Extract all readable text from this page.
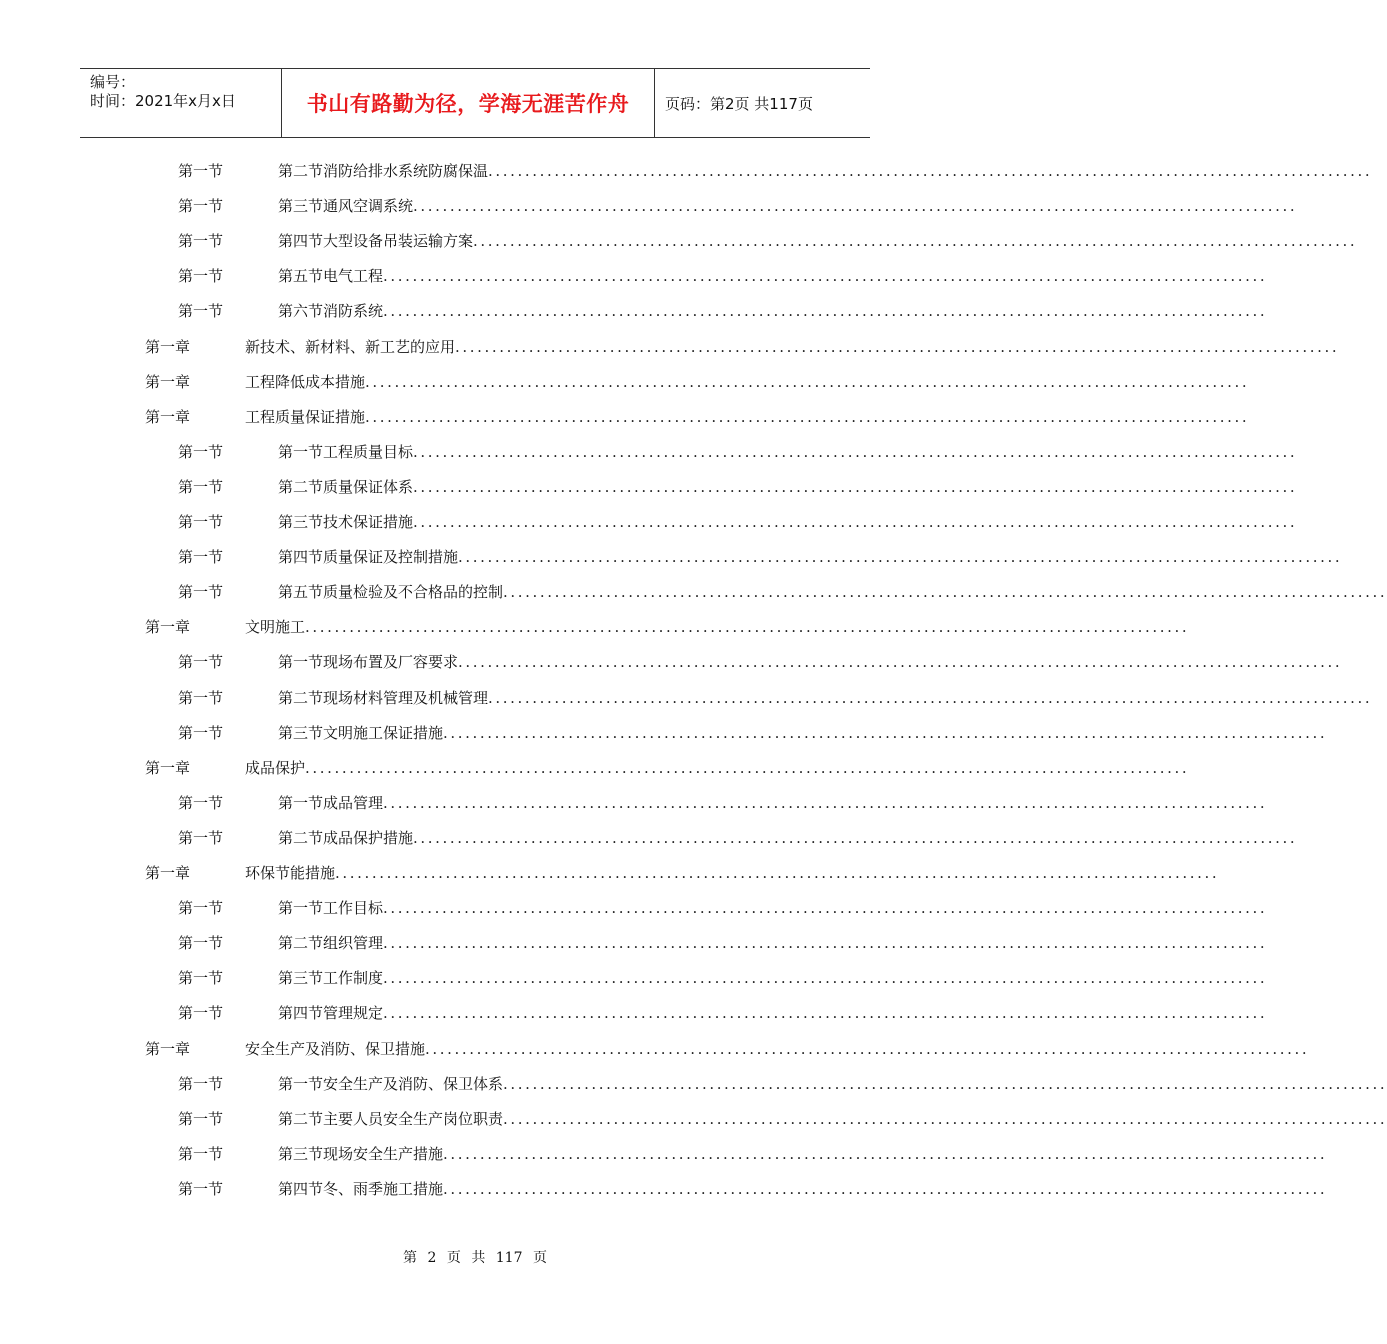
编号：
时间：2021年x月x日	书山有路勤为径，学海无涯苦作舟 页码：第2页 共117页
第一节	第二节消防给排水系统防腐保温 ........................................................................................................................
第一节	第三节通风空调系统 ........................................................................................................................
第一节	第四节大型设备吊装运输方案 ........................................................................................................................
第一节	第五节电气工程 ........................................................................................................................
第一节	第六节消防系统 ........................................................................................................................
第一章	新技术、新材料、新工艺的应用 ........................................................................................................................
第一章	工程降低成本措施 ........................................................................................................................
第一章	工程质量保证措施 ........................................................................................................................
第一节	第一节工程质量目标 ........................................................................................................................
第一节	第二节质量保证体系 ........................................................................................................................
第一节	第三节技术保证措施 ........................................................................................................................
第一节	第四节质量保证及控制措施 ........................................................................................................................
第一节	第五节质量检验及不合格品的控制 ........................................................................................................................
第一章	文明施工 ........................................................................................................................
第一节	第一节现场布置及厂容要求 ........................................................................................................................
第一节	第二节现场材料管理及机械管理 ........................................................................................................................
第一节	第三节文明施工保证措施 ........................................................................................................................
第一章	成品保护 ........................................................................................................................
第一节	第一节成品管理 ........................................................................................................................
第一节	第二节成品保护措施 ........................................................................................................................
第一章	环保节能措施 ........................................................................................................................
第一节	第一节工作目标 ........................................................................................................................
第一节	第二节组织管理 ........................................................................................................................
第一节	第三节工作制度 ........................................................................................................................
第一节	第四节管理规定 ........................................................................................................................
第一章	安全生产及消防、保卫措施 ........................................................................................................................
第一节	第一节安全生产及消防、保卫体系 ........................................................................................................................
第一节	第二节主要人员安全生产岗位职责 ........................................................................................................................
第一节	第三节现场安全生产措施 ........................................................................................................................
第一节	第四节冬、雨季施工措施 ........................................................................................................................
第 2 页 共 117 页
